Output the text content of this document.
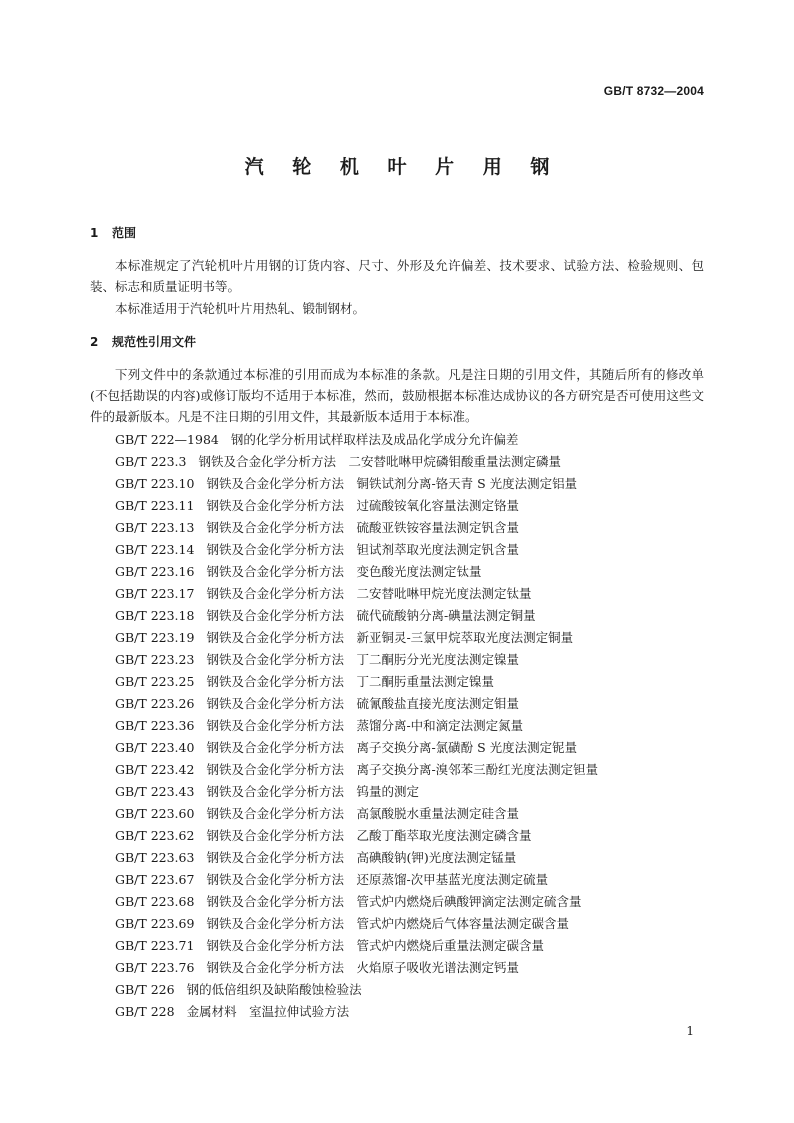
GB/T 8732—2004
汽 轮 机 叶 片 用 钢
1 范围
本标准规定了汽轮机叶片用钢的订货内容、尺寸、外形及允许偏差、技术要求、试验方法、检验规则、包装、标志和质量证明书等。
本标准适用于汽轮机叶片用热轧、锻制钢材。
2 规范性引用文件
下列文件中的条款通过本标准的引用而成为本标准的条款。凡是注日期的引用文件，其随后所有的修改单(不包括勘误的内容)或修订版均不适用于本标准，然而，鼓励根据本标准达成协议的各方研究是否可使用这些文件的最新版本。凡是不注日期的引用文件，其最新版本适用于本标准。
GB/T 222—1984 钢的化学分析用试样取样法及成品化学成分允许偏差
GB/T 223.3 钢铁及合金化学分析方法　二安替吡啉甲烷磷钼酸重量法测定磷量
GB/T 223.10 钢铁及合金化学分析方法　铜铁试剂分离-铬天青 S 光度法测定铝量
GB/T 223.11 钢铁及合金化学分析方法　过硫酸铵氧化容量法测定铬量
GB/T 223.13 钢铁及合金化学分析方法　硫酸亚铁铵容量法测定钒含量
GB/T 223.14 钢铁及合金化学分析方法　钽试剂萃取光度法测定钒含量
GB/T 223.16 钢铁及合金化学分析方法　变色酸光度法测定钛量
GB/T 223.17 钢铁及合金化学分析方法　二安替吡啉甲烷光度法测定钛量
GB/T 223.18 钢铁及合金化学分析方法　硫代硫酸钠分离-碘量法测定铜量
GB/T 223.19 钢铁及合金化学分析方法　新亚铜灵-三氯甲烷萃取光度法测定铜量
GB/T 223.23 钢铁及合金化学分析方法　丁二酮肟分光光度法测定镍量
GB/T 223.25 钢铁及合金化学分析方法　丁二酮肟重量法测定镍量
GB/T 223.26 钢铁及合金化学分析方法　硫氰酸盐直接光度法测定钼量
GB/T 223.36 钢铁及合金化学分析方法　蒸馏分离-中和滴定法测定氮量
GB/T 223.40 钢铁及合金化学分析方法　离子交换分离-氯磺酚 S 光度法测定铌量
GB/T 223.42 钢铁及合金化学分析方法　离子交换分离-溴邻苯三酚红光度法测定钽量
GB/T 223.43 钢铁及合金化学分析方法　钨量的测定
GB/T 223.60 钢铁及合金化学分析方法　高氯酸脱水重量法测定硅含量
GB/T 223.62 钢铁及合金化学分析方法　乙酸丁酯萃取光度法测定磷含量
GB/T 223.63 钢铁及合金化学分析方法　高碘酸钠(钾)光度法测定锰量
GB/T 223.67 钢铁及合金化学分析方法　还原蒸馏-次甲基蓝光度法测定硫量
GB/T 223.68 钢铁及合金化学分析方法　管式炉内燃烧后碘酸钾滴定法测定硫含量
GB/T 223.69 钢铁及合金化学分析方法　管式炉内燃烧后气体容量法测定碳含量
GB/T 223.71 钢铁及合金化学分析方法　管式炉内燃烧后重量法测定碳含量
GB/T 223.76 钢铁及合金化学分析方法　火焰原子吸收光谱法测定钙量
GB/T 226 钢的低倍组织及缺陷酸蚀检验法
GB/T 228 金属材料　室温拉伸试验方法
1
